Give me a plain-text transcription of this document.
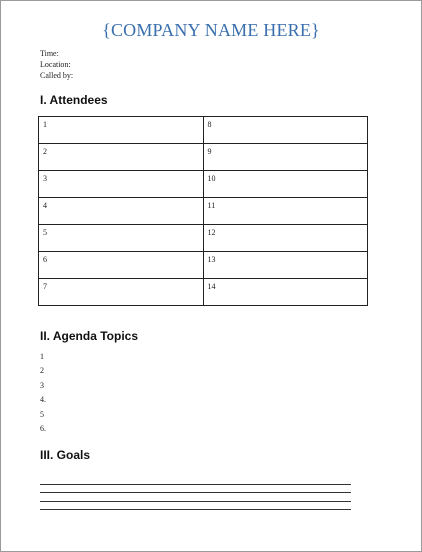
{COMPANY NAME HERE}
Time:
Location:
Called by:
I. Attendees
1	8
2	9
3	10
4	11
5	12
6	13
7	14
II. Agenda Topics
1
2
3
4.
5
6.
III. Goals
